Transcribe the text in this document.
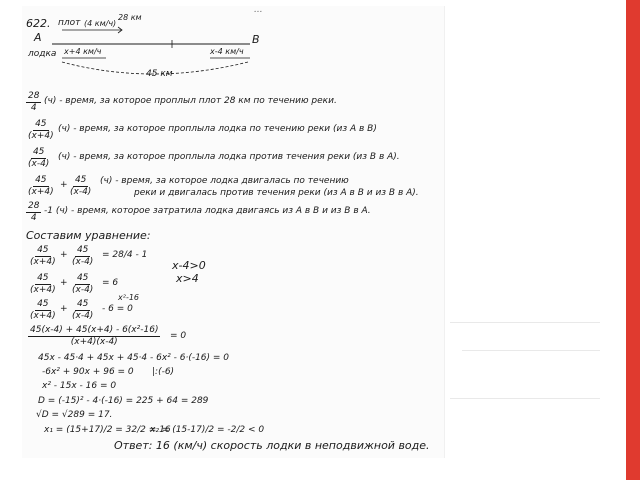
...

622. плот (4 км/ч)

28 км

A	B

лодка x+4 км/ч	x-4 км/ч

45 км

$\frac{28}{4} (ч)$ - время, за которое проплыл плот 28 км по течению реки.

$\frac{45}{(x+4)} (ч)$ - время, за которое проплыла лодка по течению реки (из A в B)

$\frac{45}{(x-4)} (ч)$ - время, за которое проплыла лодка против течения реки (из B в A).

$\frac{45}{(x+4)} + \frac{45}{(x-4)} (ч)$ - время, за которое лодка двигалась по течению

реки и двигалась против течения реки (из A в B и из B в A).

$\frac{28}{4} -1$ (ч) - время, которое затратила лодка двигаясь из A в B и из B в A.

Составим уравнение:

x-4>0

x>4

$\frac{45}{(x+4)} + \frac{45}{(x-4)} = 28/4 - 1$

$\frac{45}{(x+4)} + \frac{45}{(x-4)} = 6$

$\frac{45}{(x+4)} + \frac{45}{(x-4)} - 6 = 0$

x²-16

$\frac{\text{45(x-4) + 45(x+4) - 6(x²-16)}}{(x+4)(x-4)} = 0$

45x - 45·4 + 45x + 45·4 - 6x² - 6·(-16) = 0

-6x² + 90x + 96 = 0 |:(-6)

x² - 15x - 16 = 0

D = (-15)² - 4·(-16) = 225 + 64 = 289

√D = √289 = 17.

x₁ = (15+17)/2 = 32/2 = 16

x₂ = (15-17)/2 = -2/2 < 0

Ответ: 16 (км/ч) скорость лодки в неподвижной воде.
